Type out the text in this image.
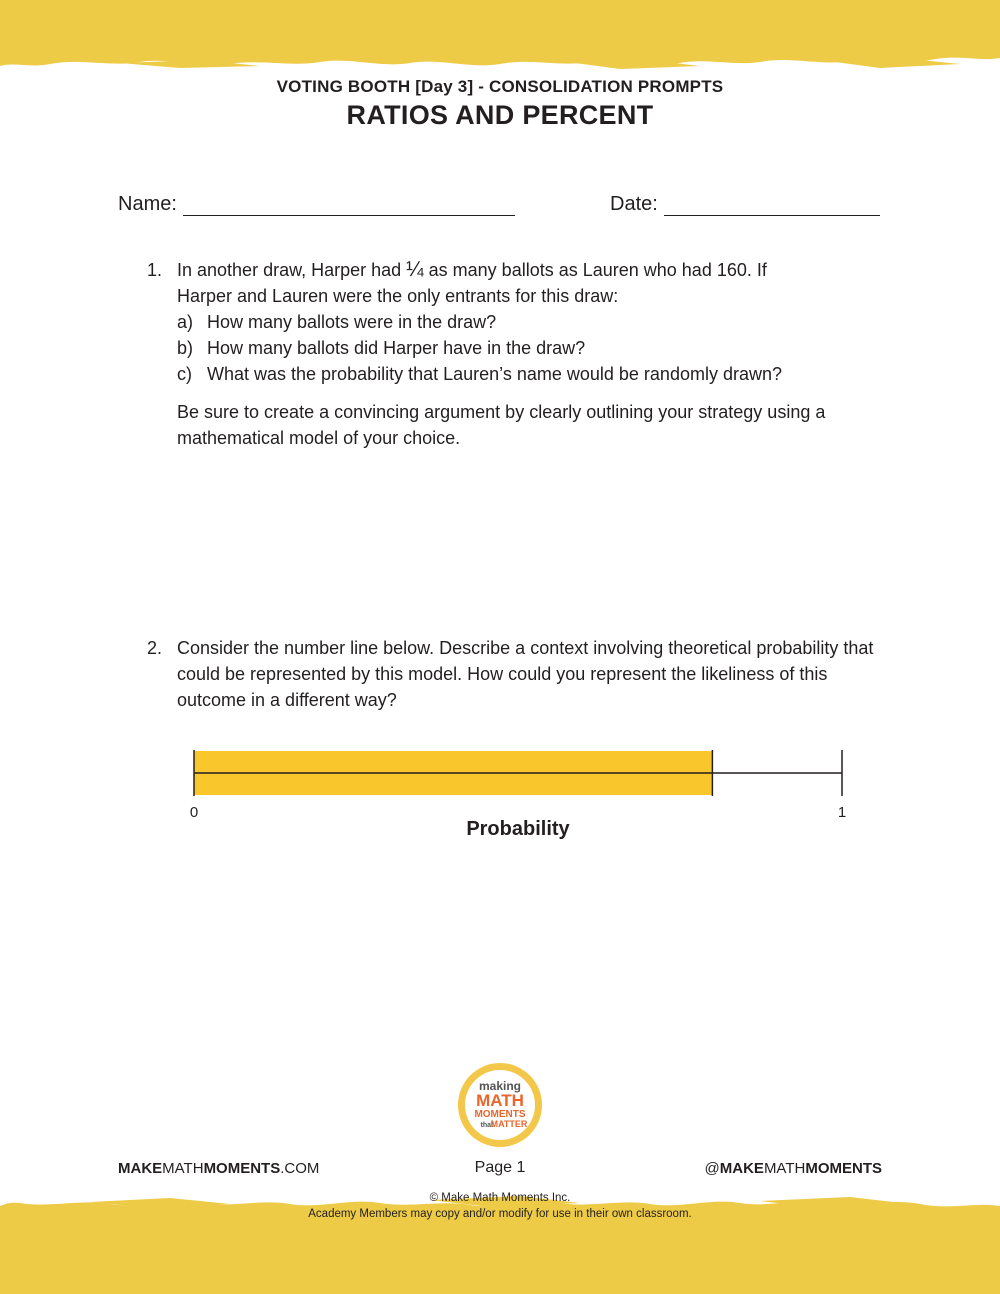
VOTING BOOTH [Day 3] - CONSOLIDATION PROMPTS
RATIOS AND PERCENT
Name:	Date:
1. In another draw, Harper had ¼ as many ballots as Lauren who had 160. If
Harper and Lauren were the only entrants for this draw:
a) How many ballots were in the draw?
b) How many ballots did Harper have in the draw?
c) What was the probability that Lauren’s name would be randomly drawn?
Be sure to create a convincing argument by clearly outlining your strategy using a mathematical model of your choice.
2. Consider the number line below. Describe a context involving theoretical probability that could be represented by this model. How could you represent the likeliness of this outcome in a different way?
0	1
Probability
making
MATH
MOMENTS
that
MATTER
MAKEMATHMOMENTS.COM	Page 1	@MAKEMATHMOMENTS
© Make Math Moments Inc.
Academy Members may copy and/or modify for use in their own classroom.
